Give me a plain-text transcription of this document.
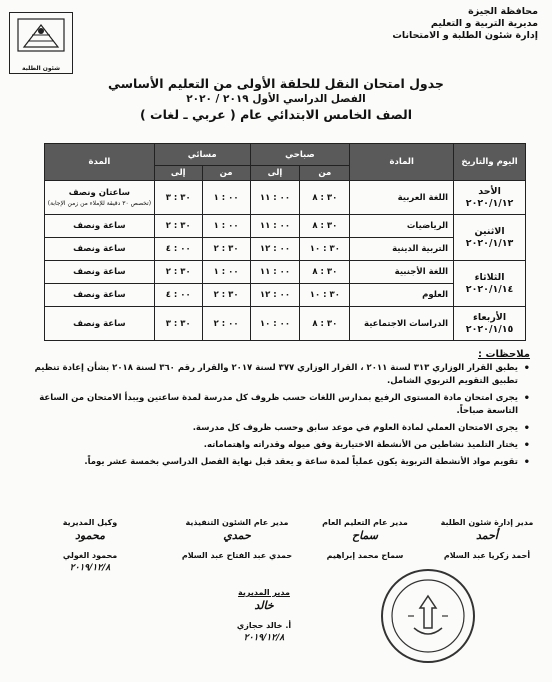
شئون الطلبة
محافظة الجيزة
مديرية التربية و التعليم
إدارة شئون الطلبة و الامتحانات
جدول امتحان النقل للحلقة الأولى من التعليم الأساسي
الفصل الدراسي الأول ٢٠١٩ / ٢٠٢٠
الصف الخامس الابتدائي عام ( عربي ـ لغات )
اليوم والتاريخ	المادة	صباحي		مسائي		المدة
		من	إلى	من	إلى	

الأحد
٢٠٢٠/١/١٢	اللغة العربية	٣٠ : ٨	٠٠ : ١١	٠٠ : ١	٣٠ : ٣	ساعتان ونصف
(تخصص ٣٠ دقيقة للإملاء من زمن الإجابة)

الاثنين
٢٠٢٠/١/١٣	الرياضيات	٣٠ : ٨	٠٠ : ١١	٠٠ : ١	٣٠ : ٢	ساعة ونصف
	التربية الدينية	٣٠ : ١٠	٠٠ : ١٢	٣٠ : ٢	٠٠ : ٤	ساعة ونصف

الثلاثاء
٢٠٢٠/١/١٤	اللغة الأجنبية	٣٠ : ٨	٠٠ : ١١	٠٠ : ١	٣٠ : ٢	ساعة ونصف
	العلوم	٣٠ : ١٠	٠٠ : ١٢	٣٠ : ٢	٠٠ : ٤	ساعة ونصف

الأربعاء
٢٠٢٠/١/١٥	الدراسات الاجتماعية	٣٠ : ٨	٠٠ : ١٠	٠٠ : ٢	٣٠ : ٣	ساعة ونصف
ملاحظات :
• يطبق القرار الوزاري ٣١٣ لسنة ٢٠١١ ، القرار الوزاري ٣٧٧ لسنة ٢٠١٧ والقرار رقم ٣٦٠ لسنة ٢٠١٨ بشأن إعادة تنظيم تطبيق التقويم التربوي الشامل.
• يجرى امتحان مادة المستوى الرفيع بمدارس اللغات حسب ظروف كل مدرسة لمدة ساعتين ويبدأ الامتحان من الساعة التاسعة صباحاً.
• يجرى الامتحان العملي لمادة العلوم في موعد سابق وحسب ظروف كل مدرسة.
• يختار التلميذ نشاطين من الأنشطة الاختيارية وفق ميوله وقدراته واهتماماته.
• تقويم مواد الأنشطة التربوية يكون عملياً لمدة ساعة و يعقد قبل نهاية الفصل الدراسي بخمسة عشر يوماً.
مدير إدارة شئون الطلبة
أحمد
أحمد زكريا عبد السلام
مدير عام التعليم العام
سماح
سماح محمد إبراهيم
مدير عام الشئون التنفيذية
حمدي
حمدي عبد الفتاح عبد السلام
وكيل المديرية
محمود
محمود الغولي
٢٠١٩/١٢/٨
مدير المديرية
خالد
أ. خالد حجازي
٢٠١٩/١٢/٨
